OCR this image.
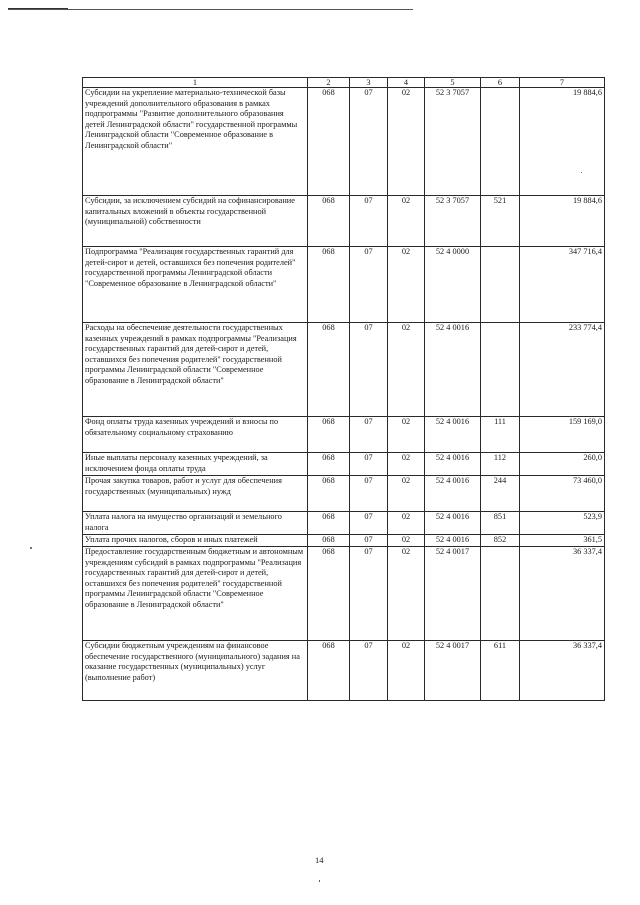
1	2	3	4	5	6	7
Субсидии на укрепление материально-технической базы учреждений дополнительного образования в рамках подпрограммы "Развитие дополнительного образования детей Ленинградской области" государственной программы Ленинградской области "Современное образование в Ленинградской области"	068	07	02	52 3 7057		19 884,6
Субсидии, за исключением субсидий на софинансирование капитальных вложений в объекты государственной (муниципальной) собственности	068	07	02	52 3 7057	521	19 884,6
Подпрограмма "Реализация государственных гарантий для детей-сирот и детей, оставшихся без попечения родителей" государственной программы Ленинградской области "Современное образование в Ленинградской области"	068	07	02	52 4 0000		347 716,4
Расходы на обеспечение деятельности государственных казенных учреждений в рамках подпрограммы "Реализация государственных гарантий для детей-сирот и детей, оставшихся без попечения родителей" государственной программы Ленинградской области "Современное образование в Ленинградской области"	068	07	02	52 4 0016		233 774,4
Фонд оплаты труда казенных учреждений и взносы по обязательному социальному страхованию	068	07	02	52 4 0016	111	159 169,0
Иные выплаты персоналу казенных учреждений, за исключением фонда оплаты труда	068	07	02	52 4 0016	112	260,0
Прочая закупка товаров, работ и услуг для обеспечения государственных (муниципальных) нужд	068	07	02	52 4 0016	244	73 460,0
Уплата налога на имущество организаций и земельного налога	068	07	02	52 4 0016	851	523,9
Уплата прочих налогов, сборов и иных платежей	068	07	02	52 4 0016	852	361,5
Предоставление государственным бюджетным и автономным учреждениям субсидий в рамках подпрограммы "Реализация государственных гарантий для детей-сирот и детей, оставшихся без попечения родителей" государственной программы Ленинградской области "Современное образование в Ленинградской области"	068	07	02	52 4 0017		36 337,4
Субсидии бюджетным учреждениям на финансовое обеспечение государственного (муниципального) задания на оказание государственных (муниципальных) услуг (выполнение работ)	068	07	02	52 4 0017	611	36 337,4
14
